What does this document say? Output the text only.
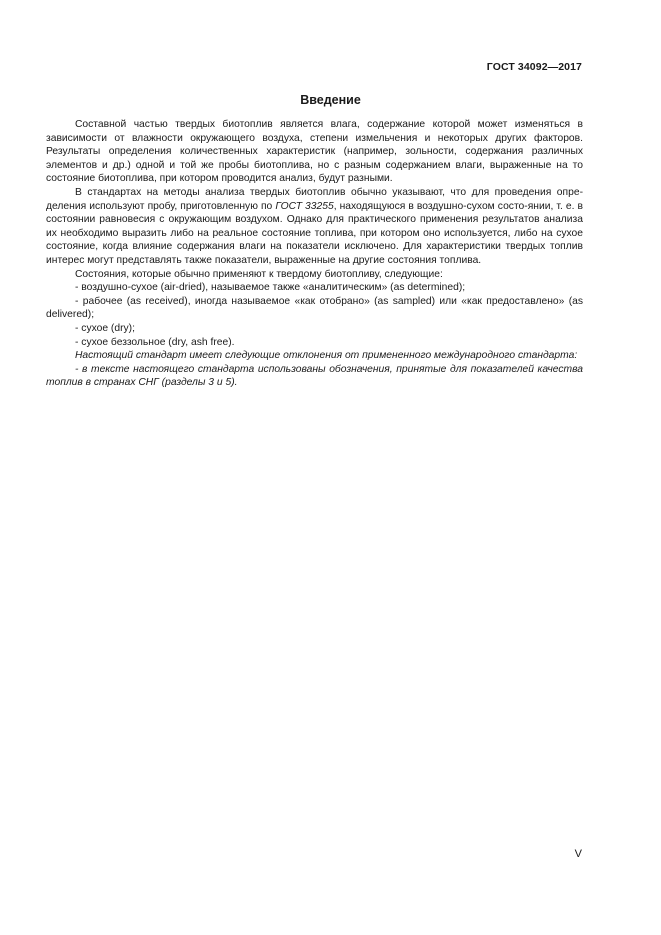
ГОСТ 34092—2017
Введение

Составной частью твердых биотоплив является влага, содержание которой может изменяться в зависимости от влажности окружающего воздуха, степени измельчения и некоторых других факторов. Результаты определения количественных характеристик (например, зольности, содержания различных элементов и др.) одной и той же пробы биотоплива, но с разным содержанием влаги, выраженные на то состояние биотоплива, при котором проводится анализ, будут разными.

В стандартах на методы анализа твердых биотоплив обычно указывают, что для проведения опре-деления используют пробу, приготовленную по ГОСТ 33255, находящуюся в воздушно-сухом состо-янии, т. е. в состоянии равновесия с окружающим воздухом. Однако для практического применения результатов анализа их необходимо выразить либо на реальное состояние топлива, при котором оно используется, либо на сухое состояние, когда влияние содержания влаги на показатели исключено. Для характеристики твердых топлив интерес могут представлять также показатели, выраженные на другие состояния топлива.

Состояния, которые обычно применяют к твердому биотопливу, следующие:

- воздушно-сухое (air-dried), называемое также «аналитическим» (as determined);

- рабочее (as received), иногда называемое «как отобрано» (as sampled) или «как предоставлено» (as delivered);

- сухое (dry);

- сухое беззольное (dry, ash free).

Настоящий стандарт имеет следующие отклонения от примененного международного стандарта:

- в тексте настоящего стандарта использованы обозначения, принятые для показателей качества топлив в странах СНГ (разделы 3 и 5).

V
